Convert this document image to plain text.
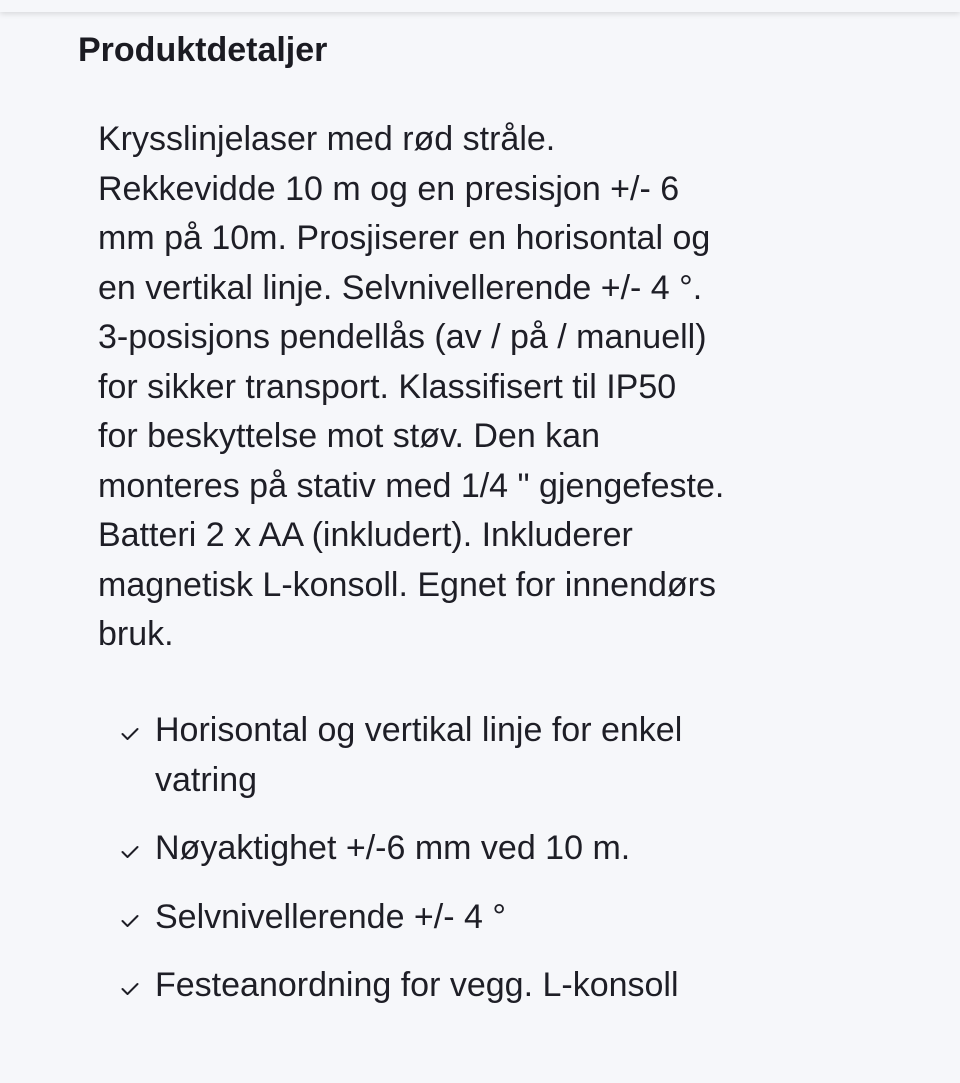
Produktdetaljer

Krysslinjelaser med rød stråle.
Rekkevidde 10 m og en presisjon +/- 6
mm på 10m. Prosjiserer en horisontal og
en vertikal linje. Selvnivellerende +/- 4 °.
3-posisjons pendellås (av / på / manuell)
for sikker transport. Klassifisert til IP50
for beskyttelse mot støv. Den kan
monteres på stativ med 1/4 " gjengefeste.
Batteri 2 x AA (inkludert). Inkluderer
magnetisk L-konsoll. Egnet for innendørs
bruk.

Horisontal og vertikal linje for enkel
vatring
Nøyaktighet +/-6 mm ved 10 m.
Selvnivellerende +/- 4 °
Festeanordning for vegg. L-konsoll
